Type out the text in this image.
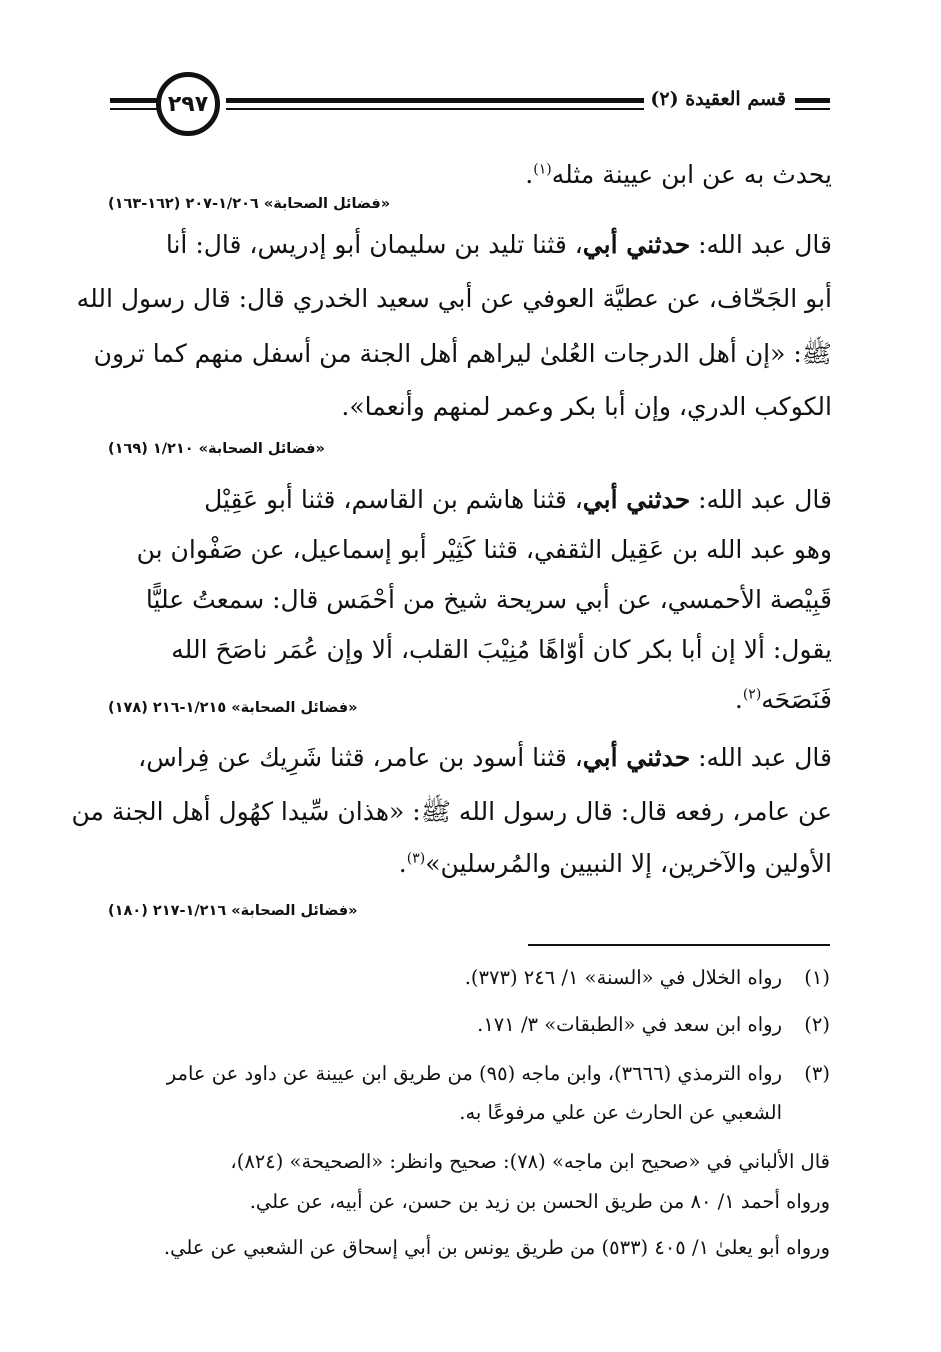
٢٩٧	قسم العقيدة (٢)
يحدث به عن ابن عيينة مثله$^{(١)}$.
«فضائل الصحابة» ١/٢٠٦-٢٠٧ (١٦٢-١٦٣)
قال عبد الله: حدثني أبي، قثنا تليد بن سليمان أبو إدريس، قال: أنا
أبو الجَحّاف، عن عطيَّة العوفي عن أبي سعيد الخدري قال: قال رسول الله
ﷺ: «إن أهل الدرجات العُلىٰ ليراهم أهل الجنة من أسفل منهم كما ترون
الكوكب الدري، وإن أبا بكر وعمر لمنهم وأنعما».
«فضائل الصحابة» ١/٢١٠ (١٦٩)
قال عبد الله: حدثني أبي، قثنا هاشم بن القاسم، قثنا أبو عَقِيْل
وهو عبد الله بن عَقِيل الثقفي، قثنا كَثِيْر أبو إسماعيل، عن صَفْوان بن
قَبِيْصة الأحمسي، عن أبي سريحة شيخ من أحْمَس قال: سمعتُ عليًّا
يقول: ألا إن أبا بكر كان أوّاهًا مُنِيْبَ القلب، ألا وإن عُمَر ناصَحَ الله
فَنَصَحَه$^{(٢)}$.
«فضائل الصحابة» ١/٢١٥-٢١٦ (١٧٨)
قال عبد الله: حدثني أبي، قثنا أسود بن عامر، قثنا شَرِيك عن فِراس،
عن عامر، رفعه قال: قال رسول الله ﷺ: «هذان سِّيدا كهُول أهل الجنة من
الأولين والآخرين، إلا النبيين والمُرسلين»$^{(٣)}$.
«فضائل الصحابة» ١/٢١٦-٢١٧ (١٨٠)
(١)رواه الخلال في «السنة» ١/ ٢٤٦ (٣٧٣).
(٢)رواه ابن سعد في «الطبقات» ٣/ ١٧١.
(٣)رواه الترمذي (٣٦٦٦)، وابن ماجه (٩٥) من طريق ابن عيينة عن داود عن عامر
الشعبي عن الحارث عن علي مرفوعًا به.
قال الألباني في «صحيح ابن ماجه» (٧٨): صحيح وانظر: «الصحيحة» (٨٢٤)،
ورواه أحمد ١/ ٨٠ من طريق الحسن بن زيد بن حسن، عن أبيه، عن علي.
ورواه أبو يعلىٰ ١/ ٤٠٥ (٥٣٣) من طريق يونس بن أبي إسحاق عن الشعبي عن علي.
